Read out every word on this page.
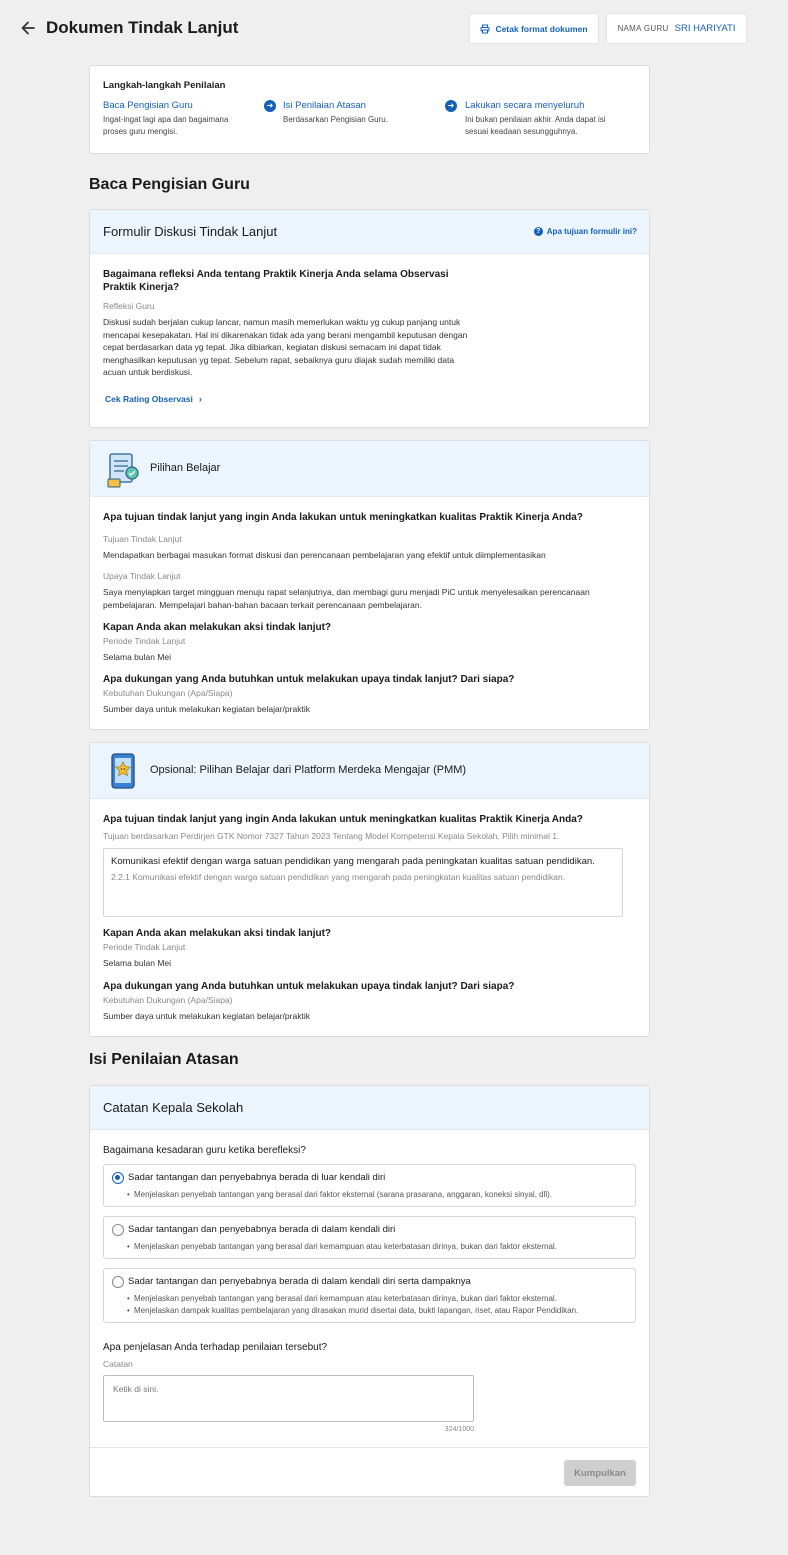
Dokumen Tindak Lanjut	Cetak format dokumen	NAMA GURU SRI HARIYATI
Langkah-langkah Penilaian
Baca Pengisian Guru
Ingat-ingat lagi apa dan bagaimana proses guru mengisi.
➜ Isi Penilaian Atasan
Berdasarkan Pengisian Guru.
➜ Lakukan secara menyeluruh
Ini bukan penilaian akhir. Anda dapat isi sesuai keadaan sesungguhnya.
Baca Pengisian Guru
Formulir Diskusi Tindak Lanjut	? Apa tujuan formulir ini?
Bagaimana refleksi Anda tentang Praktik Kinerja Anda selama Observasi Praktik Kinerja?
Refleksi Guru
Diskusi sudah berjalan cukup lancar, namun masih memerlukan waktu yg cukup panjang untuk mencapai kesepakatan. Hal ini dikarenakan tidak ada yang berani mengambil keputusan dengan cepat berdasarkan data yg tepat. Jika dibiarkan, kegiatan diskusi semacam ini dapat tidak menghasilkan keputusan yg tepat. Sebelum rapat, sebaiknya guru diajak sudah memiliki data acuan untuk berdiskusi.
Cek Rating Observasi ›
Pilihan Belajar
Apa tujuan tindak lanjut yang ingin Anda lakukan untuk meningkatkan kualitas Praktik Kinerja Anda?
Tujuan Tindak Lanjut
Mendapatkan berbagai masukan format diskusi dan perencanaan pembelajaran yang efektif untuk diimplementasikan
Upaya Tindak Lanjut
Saya menyiapkan target mingguan menuju rapat selanjutnya, dan membagi guru menjadi PiC untuk menyelesaikan perencanaan pembelajaran. Mempelajari bahan-bahan bacaan terkait perencanaan pembelajaran.
Kapan Anda akan melakukan aksi tindak lanjut?
Periode Tindak Lanjut
Selama bulan Mei
Apa dukungan yang Anda butuhkan untuk melakukan upaya tindak lanjut? Dari siapa?
Kebutuhan Dukungan (Apa/Siapa)
Sumber daya untuk melakukan kegiatan belajar/praktik
Opsional: Pilihan Belajar dari Platform Merdeka Mengajar (PMM)
Apa tujuan tindak lanjut yang ingin Anda lakukan untuk meningkatkan kualitas Praktik Kinerja Anda?
Tujuan berdasarkan Perdirjen GTK Nomor 7327 Tahun 2023 Tentang Model Kompetensi Kepala Sekolah. Pilih minimal 1.
Komunikasi efektif dengan warga satuan pendidikan yang mengarah pada peningkatan kualitas satuan pendidikan.
2.2.1 Komunikasi efektif dengan warga satuan pendidikan yang mengarah pada peningkatan kualitas satuan pendidikan.
Kapan Anda akan melakukan aksi tindak lanjut?
Periode Tindak Lanjut
Selama bulan Mei
Apa dukungan yang Anda butuhkan untuk melakukan upaya tindak lanjut? Dari siapa?
Kebutuhan Dukungan (Apa/Siapa)
Sumber daya untuk melakukan kegiatan belajar/praktik
Isi Penilaian Atasan
Catatan Kepala Sekolah
Bagaimana kesadaran guru ketika berefleksi?
Sadar tantangan dan penyebabnya berada di luar kendali diri
• Menjelaskan penyebab tantangan yang berasal dari faktor eksternal (sarana prasarana, anggaran, koneksi sinyal, dll).
Sadar tantangan dan penyebabnya berada di dalam kendali diri
• Menjelaskan penyebab tantangan yang berasal dari kemampuan atau keterbatasan dirinya, bukan dari faktor eksternal.
Sadar tantangan dan penyebabnya berada di dalam kendali diri serta dampaknya
• Menjelaskan penyebab tantangan yang berasal dari kemampuan atau keterbatasan dirinya, bukan dari faktor eksternal.
• Menjelaskan dampak kualitas pembelajaran yang dirasakan murid disertai data, bukti lapangan, riset, atau Rapor Pendidikan.
Apa penjelasan Anda terhadap penilaian tersebut?
Catatan
Ketik di sini.
324/1000
Kumpulkan
